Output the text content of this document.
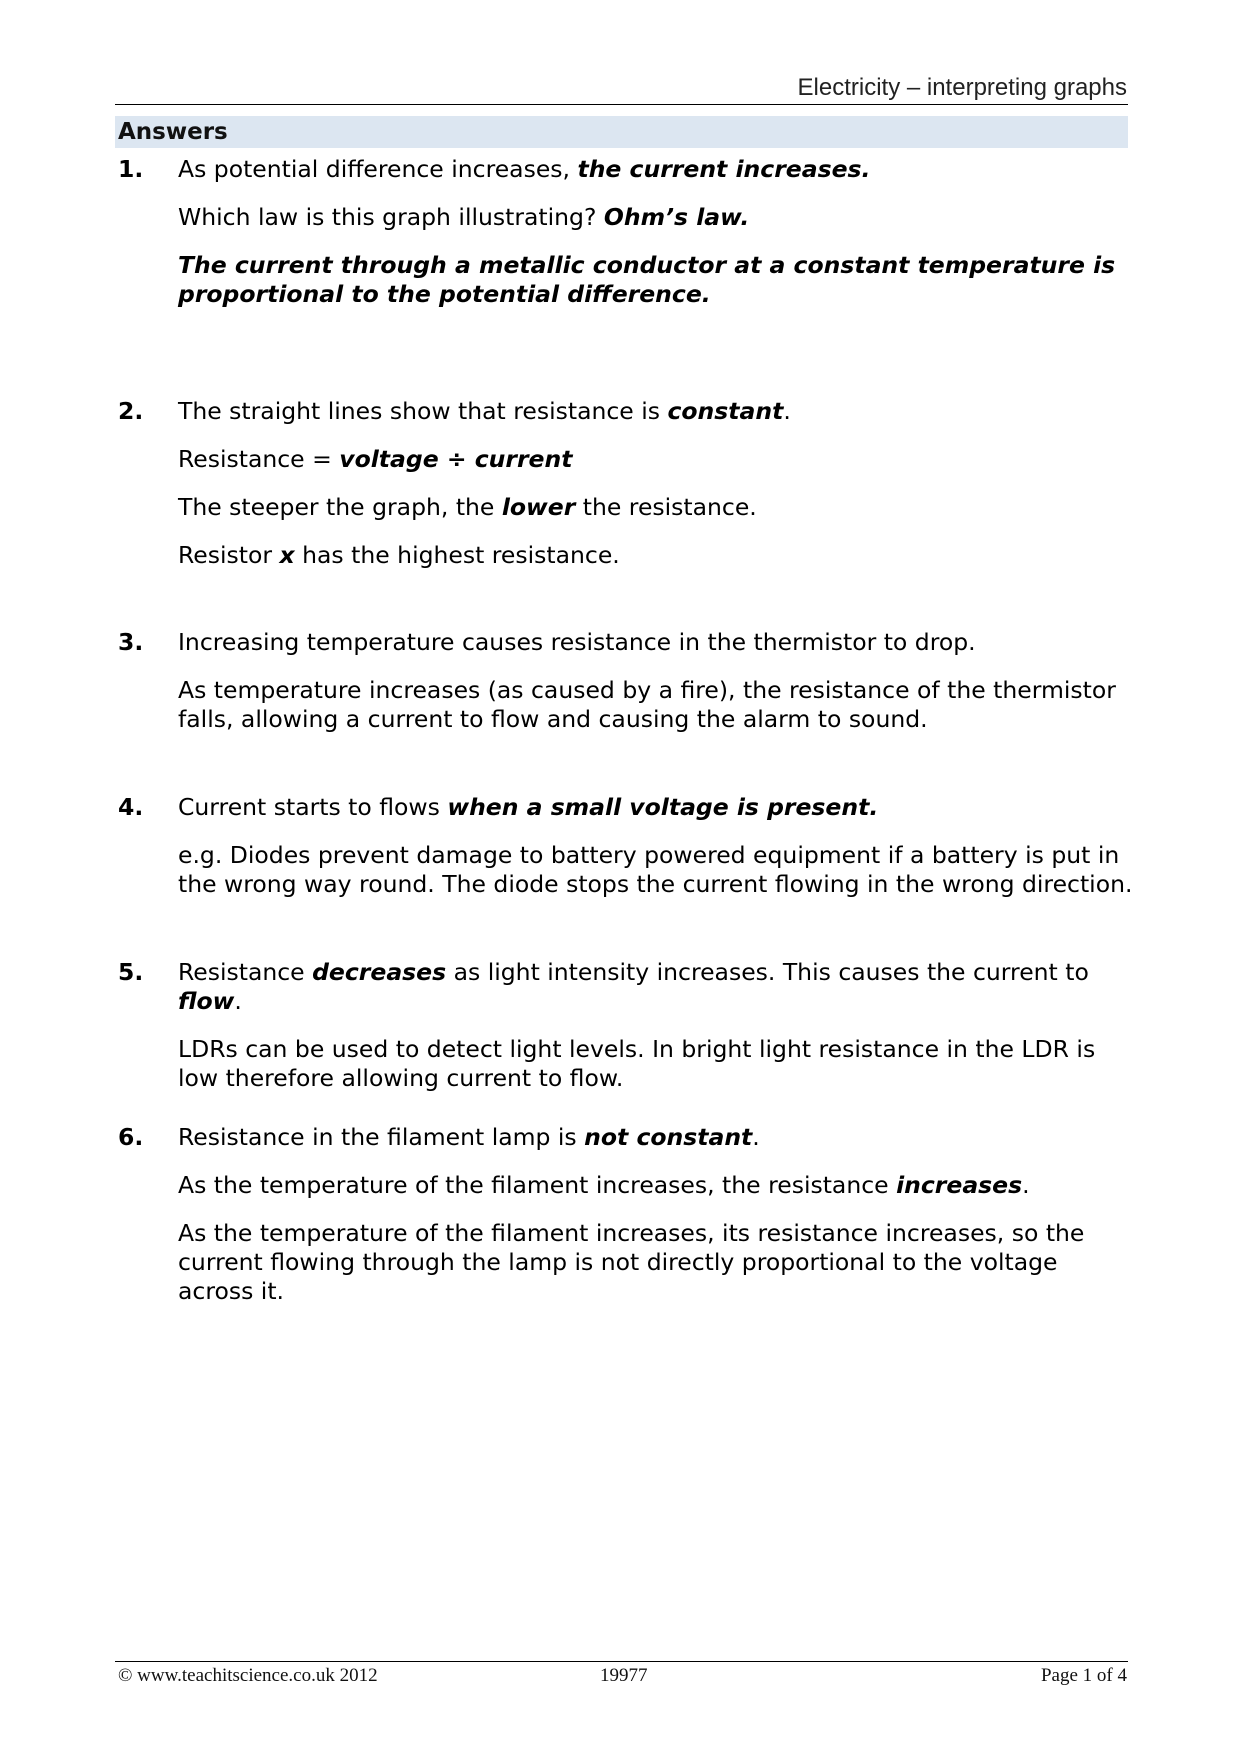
Electricity – interpreting graphs
Answers
1. As potential difference increases, the current increases.

Which law is this graph illustrating? Ohm’s law.

The current through a metallic conductor at a constant temperature is proportional to the potential difference.

2. The straight lines show that resistance is constant.

Resistance = voltage ÷ current

The steeper the graph, the lower the resistance.

Resistor x has the highest resistance.

3. Increasing temperature causes resistance in the thermistor to drop.

As temperature increases (as caused by a fire), the resistance of the thermistor falls, allowing a current to flow and causing the alarm to sound.

4. Current starts to flows when a small voltage is present.

e.g. Diodes prevent damage to battery powered equipment if a battery is put in the wrong way round. The diode stops the current flowing in the wrong direction.

5. Resistance decreases as light intensity increases. This causes the current to flow.

LDRs can be used to detect light levels. In bright light resistance in the LDR is low therefore allowing current to flow.

6. Resistance in the filament lamp is not constant.

As the temperature of the filament increases, the resistance increases.

As the temperature of the filament increases, its resistance increases, so the current flowing through the lamp is not directly proportional to the voltage across it.

© www.teachitscience.co.uk 2012	19977	Page 1 of 4
